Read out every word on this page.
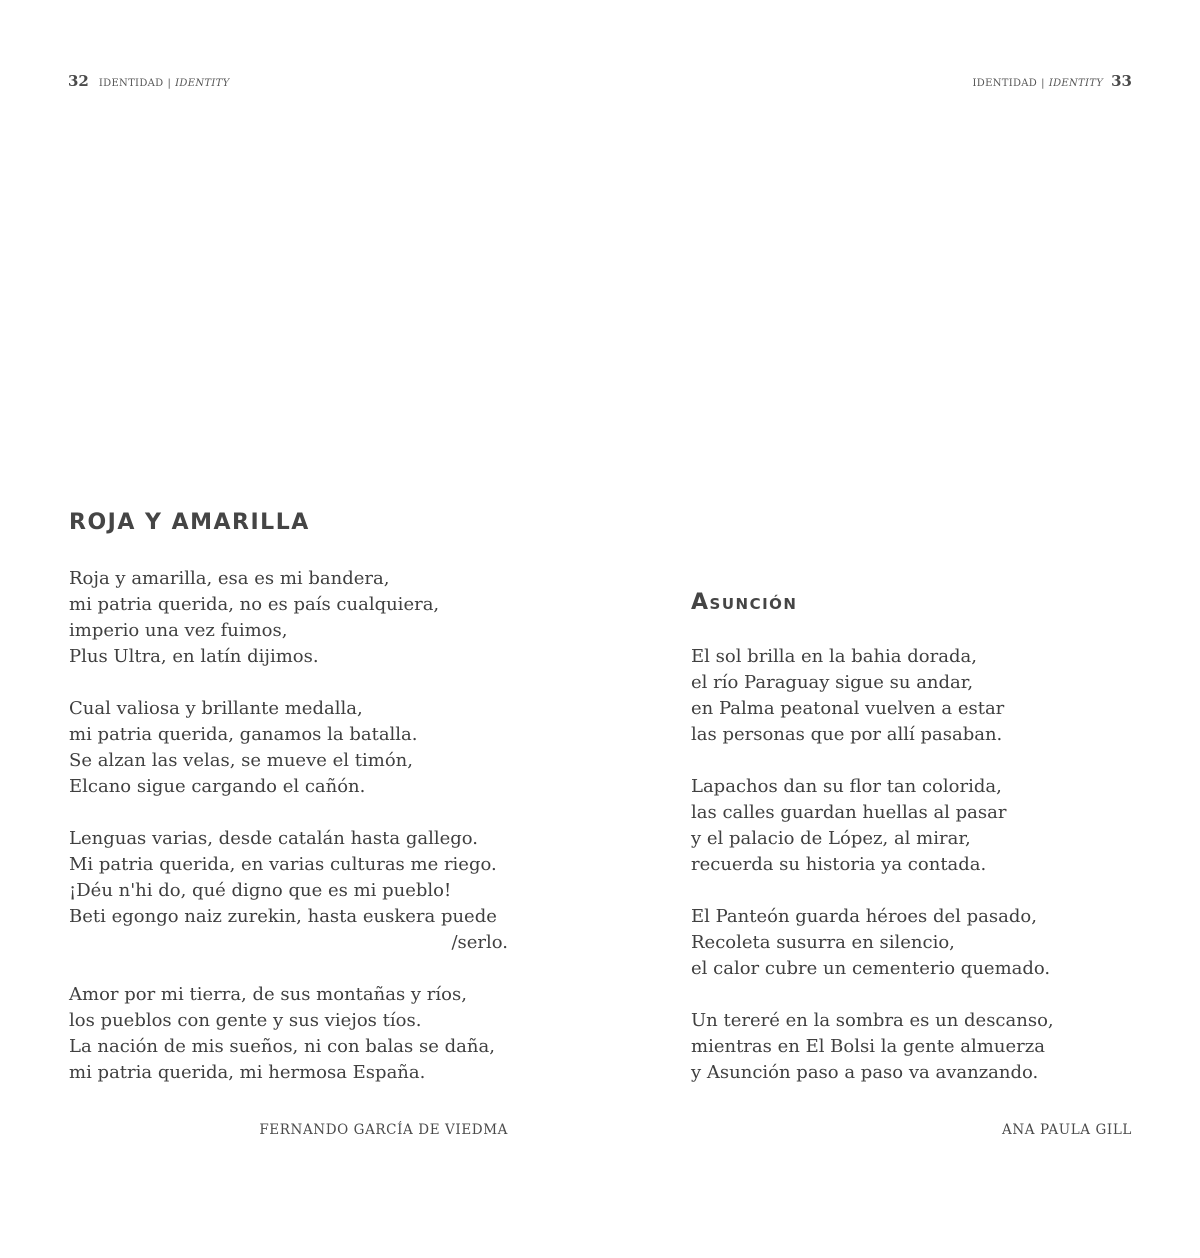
32 IDENTIDAD | IDENTITY
ROJA Y AMARILLA
Roja y amarilla, esa es mi bandera,
mi patria querida, no es país cualquiera,
imperio una vez fuimos,
Plus Ultra, en latín dijimos.
Cual valiosa y brillante medalla,
mi patria querida, ganamos la batalla.
Se alzan las velas, se mueve el timón,
Elcano sigue cargando el cañón.
Lenguas varias, desde catalán hasta gallego.
Mi patria querida, en varias culturas me riego.
¡Déu n'hi do, qué digno que es mi pueblo!
Beti egongo naiz zurekin, hasta euskera puede
/serlo.
Amor por mi tierra, de sus montañas y ríos,
los pueblos con gente y sus viejos tíos.
La nación de mis sueños, ni con balas se daña,
mi patria querida, mi hermosa España.
FERNANDO GARCÍA DE VIEDMA
IDENTIDAD | IDENTITY 33
Asunción
El sol brilla en la bahia dorada,
el río Paraguay sigue su andar,
en Palma peatonal vuelven a estar
las personas que por allí pasaban.
Lapachos dan su flor tan colorida,
las calles guardan huellas al pasar
y el palacio de López, al mirar,
recuerda su historia ya contada.
El Panteón guarda héroes del pasado,
Recoleta susurra en silencio,
el calor cubre un cementerio quemado.
Un tereré en la sombra es un descanso,
mientras en El Bolsi la gente almuerza
y Asunción paso a paso va avanzando.
ANA PAULA GILL
